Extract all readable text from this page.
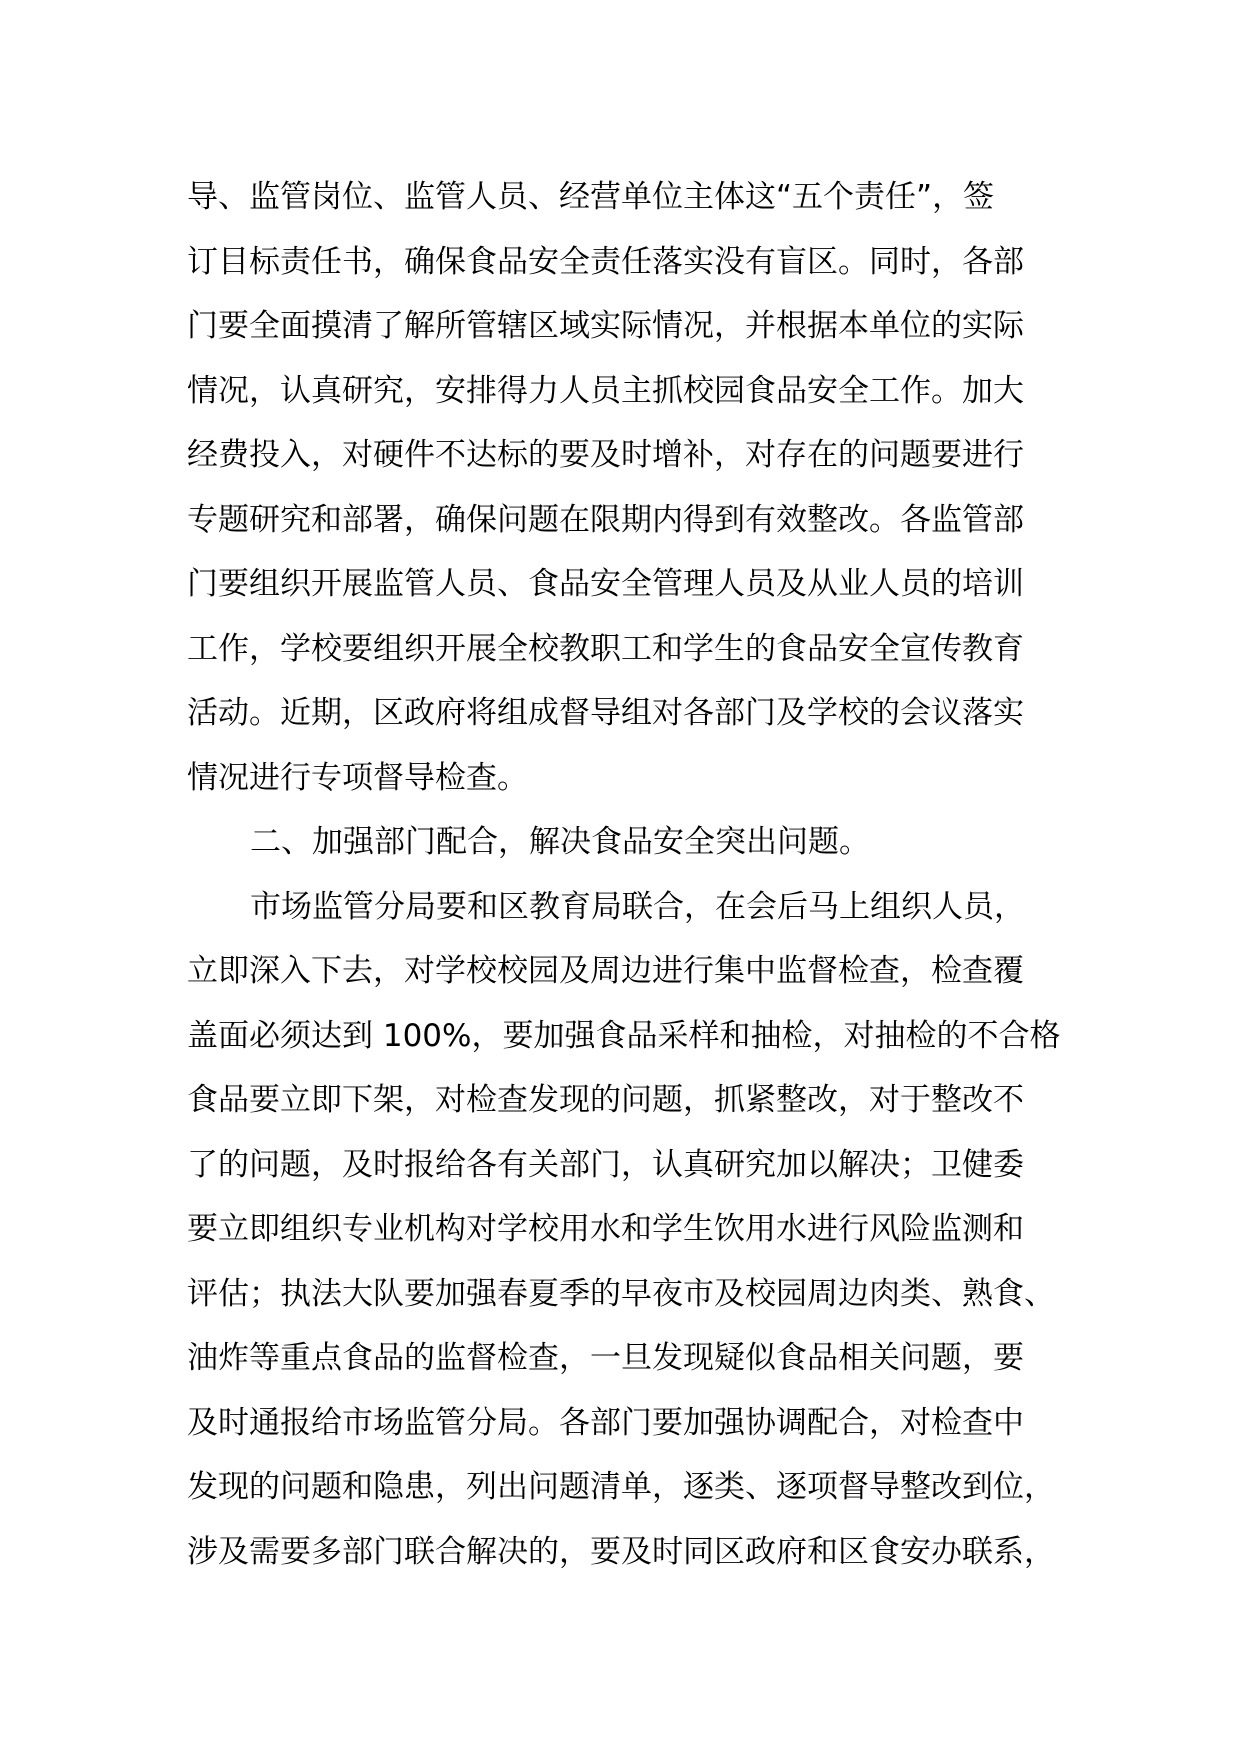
导、监管岗位、监管人员、经营单位主体这“五个责任”，签
订目标责任书，确保食品安全责任落实没有盲区。同时，各部
门要全面摸清了解所管辖区域实际情况，并根据本单位的实际
情况，认真研究，安排得力人员主抓校园食品安全工作。加大
经费投入，对硬件不达标的要及时增补，对存在的问题要进行
专题研究和部署，确保问题在限期内得到有效整改。各监管部
门要组织开展监管人员、食品安全管理人员及从业人员的培训
工作，学校要组织开展全校教职工和学生的食品安全宣传教育
活动。近期，区政府将组成督导组对各部门及学校的会议落实
情况进行专项督导检查。
二、加强部门配合，解决食品安全突出问题。
市场监管分局要和区教育局联合，在会后马上组织人员，
立即深入下去，对学校校园及周边进行集中监督检查，检查覆
盖面必须达到 100%，要加强食品采样和抽检，对抽检的不合格
食品要立即下架，对检查发现的问题，抓紧整改，对于整改不
了的问题，及时报给各有关部门，认真研究加以解决；卫健委
要立即组织专业机构对学校用水和学生饮用水进行风险监测和
评估；执法大队要加强春夏季的早夜市及校园周边肉类、熟食、
油炸等重点食品的监督检查，一旦发现疑似食品相关问题，要
及时通报给市场监管分局。各部门要加强协调配合，对检查中
发现的问题和隐患，列出问题清单，逐类、逐项督导整改到位，
涉及需要多部门联合解决的，要及时同区政府和区食安办联系，
